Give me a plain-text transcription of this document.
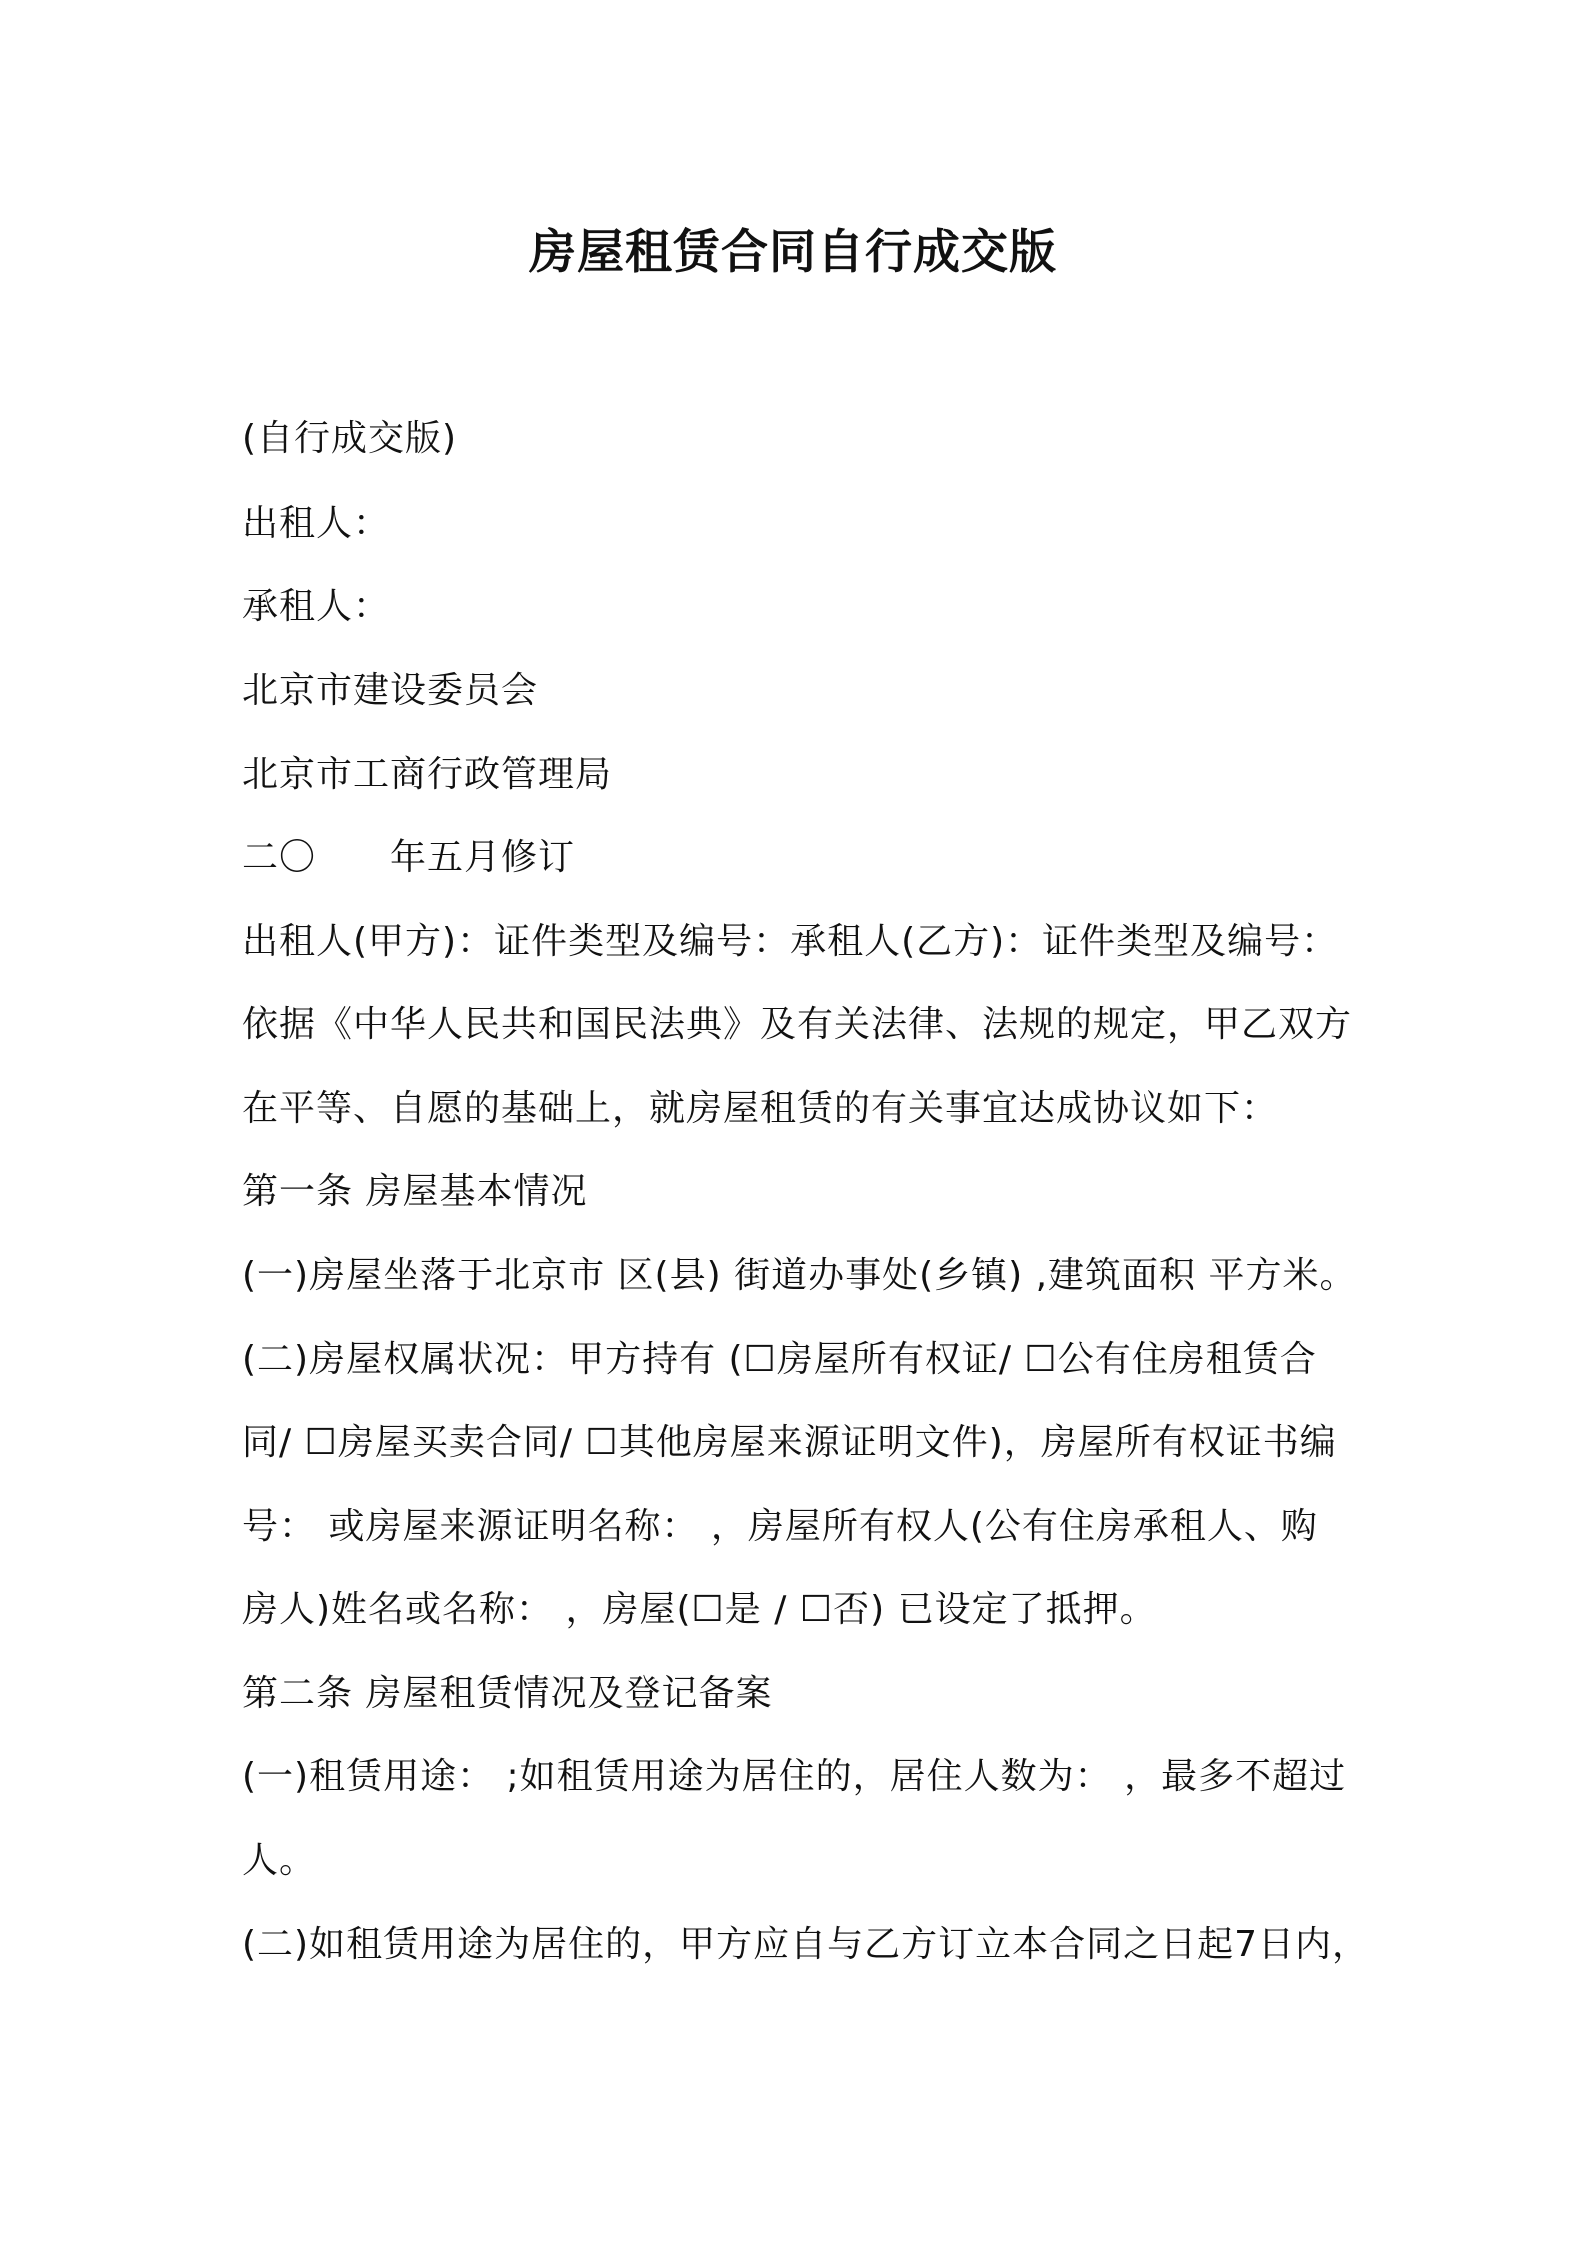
房屋租赁合同自行成交版
(自行成交版)
出租人：
承租人：
北京市建设委员会
北京市工商行政管理局
二〇　　年五月修订
出租人(甲方)：证件类型及编号：承租人(乙方)：证件类型及编号：
依据《中华人民共和国民法典》及有关法律、法规的规定，甲乙双方
在平等、自愿的基础上，就房屋租赁的有关事宜达成协议如下：
第一条 房屋基本情况
(一)房屋坐落于北京市 区(县) 街道办事处(乡镇) ,建筑面积 平方米。
(二)房屋权属状况：甲方持有 (☐房屋所有权证/ ☐公有住房租赁合
同/ ☐房屋买卖合同/ ☐其他房屋来源证明文件)，房屋所有权证书编
号： 或房屋来源证明名称： ，房屋所有权人(公有住房承租人、购
房人)姓名或名称： ，房屋(☐是 / ☐否) 已设定了抵押。
第二条 房屋租赁情况及登记备案
(一)租赁用途： ;如租赁用途为居住的，居住人数为： ，最多不超过
人。
(二)如租赁用途为居住的，甲方应自与乙方订立本合同之日起7日内，
